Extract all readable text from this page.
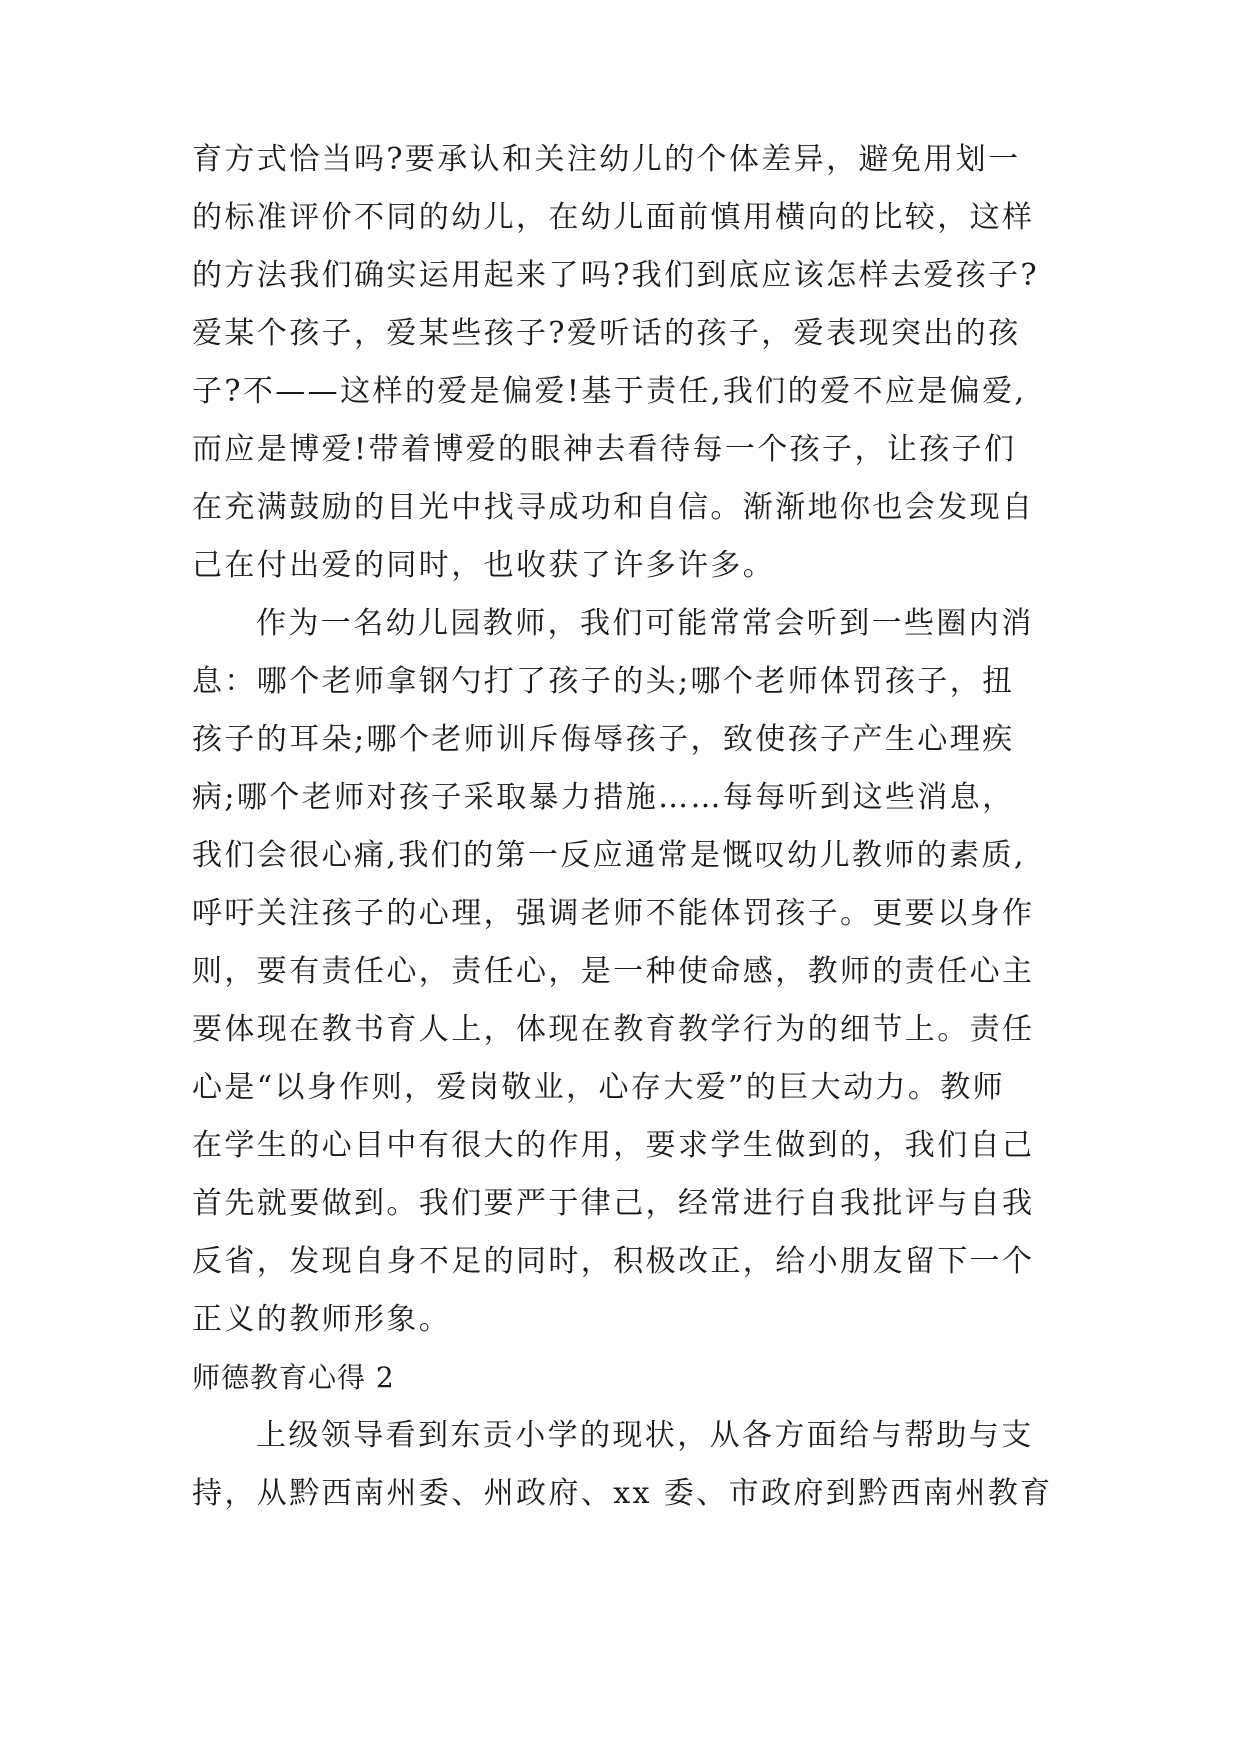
育方式恰当吗?要承认和关注幼儿的个体差异，避免用划一
的标准评价不同的幼儿，在幼儿面前慎用横向的比较，这样
的方法我们确实运用起来了吗?我们到底应该怎样去爱孩子?
爱某个孩子，爱某些孩子?爱听话的孩子，爱表现突出的孩
子?不——这样的爱是偏爱!基于责任,我们的爱不应是偏爱,
而应是博爱!带着博爱的眼神去看待每一个孩子，让孩子们
在充满鼓励的目光中找寻成功和自信。渐渐地你也会发现自
己在付出爱的同时，也收获了许多许多。
作为一名幼儿园教师，我们可能常常会听到一些圈内消
息：哪个老师拿钢勺打了孩子的头;哪个老师体罚孩子，扭
孩子的耳朵;哪个老师训斥侮辱孩子，致使孩子产生心理疾
病;哪个老师对孩子采取暴力措施……每每听到这些消息，
我们会很心痛,我们的第一反应通常是慨叹幼儿教师的素质,
呼吁关注孩子的心理，强调老师不能体罚孩子。更要以身作
则，要有责任心，责任心，是一种使命感，教师的责任心主
要体现在教书育人上，体现在教育教学行为的细节上。责任
心是“以身作则，爱岗敬业，心存大爱”的巨大动力。教师
在学生的心目中有很大的作用，要求学生做到的，我们自己
首先就要做到。我们要严于律己，经常进行自我批评与自我
反省，发现自身不足的同时，积极改正，给小朋友留下一个
正义的教师形象。
师德教育心得 2
上级领导看到东贡小学的现状，从各方面给与帮助与支
持，从黔西南州委、州政府、xx 委、市政府到黔西南州教育
